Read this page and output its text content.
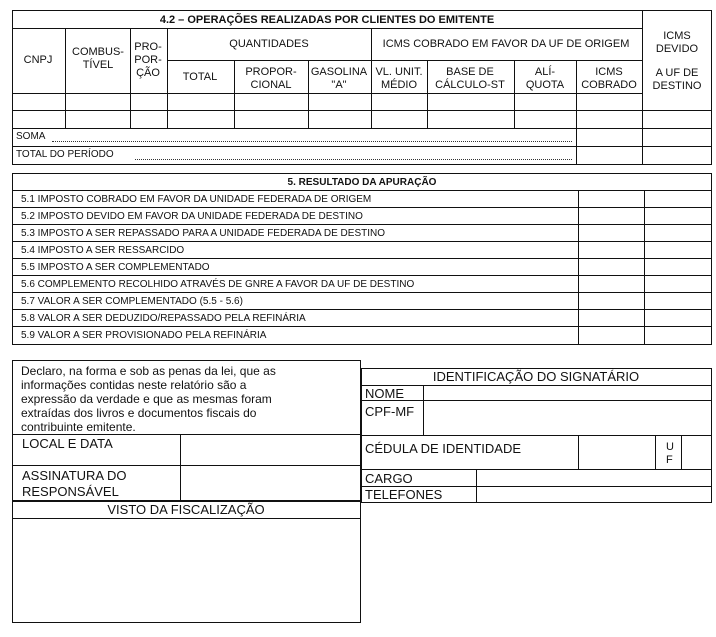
4.2 – OPERAÇÕES REALIZADAS POR CLIENTES DO EMITENTE
CNPJ
COMBUS-
TÍVEL
PRO-
POR-
ÇÃO
QUANTIDADES
TOTAL	PROPOR-
CIONAL
GASOLINA
"A"
ICMS COBRADO EM FAVOR DA UF DE ORIGEM
VL. UNIT.
MÉDIO
BASE DE
CÁLCULO-ST
ALÍ-
QUOTA
ICMS
COBRADO
ICMS
DEVIDO
A UF DE
DESTINO
SOMA
TOTAL DO PERÍODO
5. RESULTADO DA APURAÇÃO
5.1 IMPOSTO COBRADO EM FAVOR DA UNIDADE FEDERADA DE ORIGEM
5.2 IMPOSTO DEVIDO EM FAVOR DA UNIDADE FEDERADA DE DESTINO
5.3 IMPOSTO A SER REPASSADO PARA A UNIDADE FEDERADA DE DESTINO
5.4 IMPOSTO A SER RESSARCIDO
5.5 IMPOSTO A SER COMPLEMENTADO
5.6 COMPLEMENTO RECOLHIDO ATRAVÉS DE GNRE A FAVOR DA UF DE DESTINO
5.7 VALOR A SER COMPLEMENTADO (5.5 - 5.6)
5.8 VALOR A SER DEDUZIDO/REPASSADO PELA REFINÁRIA
5.9 VALOR A SER PROVISIONADO PELA REFINÁRIA
Declaro, na forma e sob as penas da lei, que as
informações contidas neste relatório são a
expressão da verdade e que as mesmas foram
extraídas dos livros e documentos fiscais do
contribuinte emitente.
LOCAL E DATA
ASSINATURA DO
RESPONSÁVEL
VISTO DA FISCALIZAÇÃO
IDENTIFICAÇÃO DO SIGNATÁRIO
NOME
CPF-MF
CÉDULA DE IDENTIDADE	U
F
CARGO
TELEFONES
